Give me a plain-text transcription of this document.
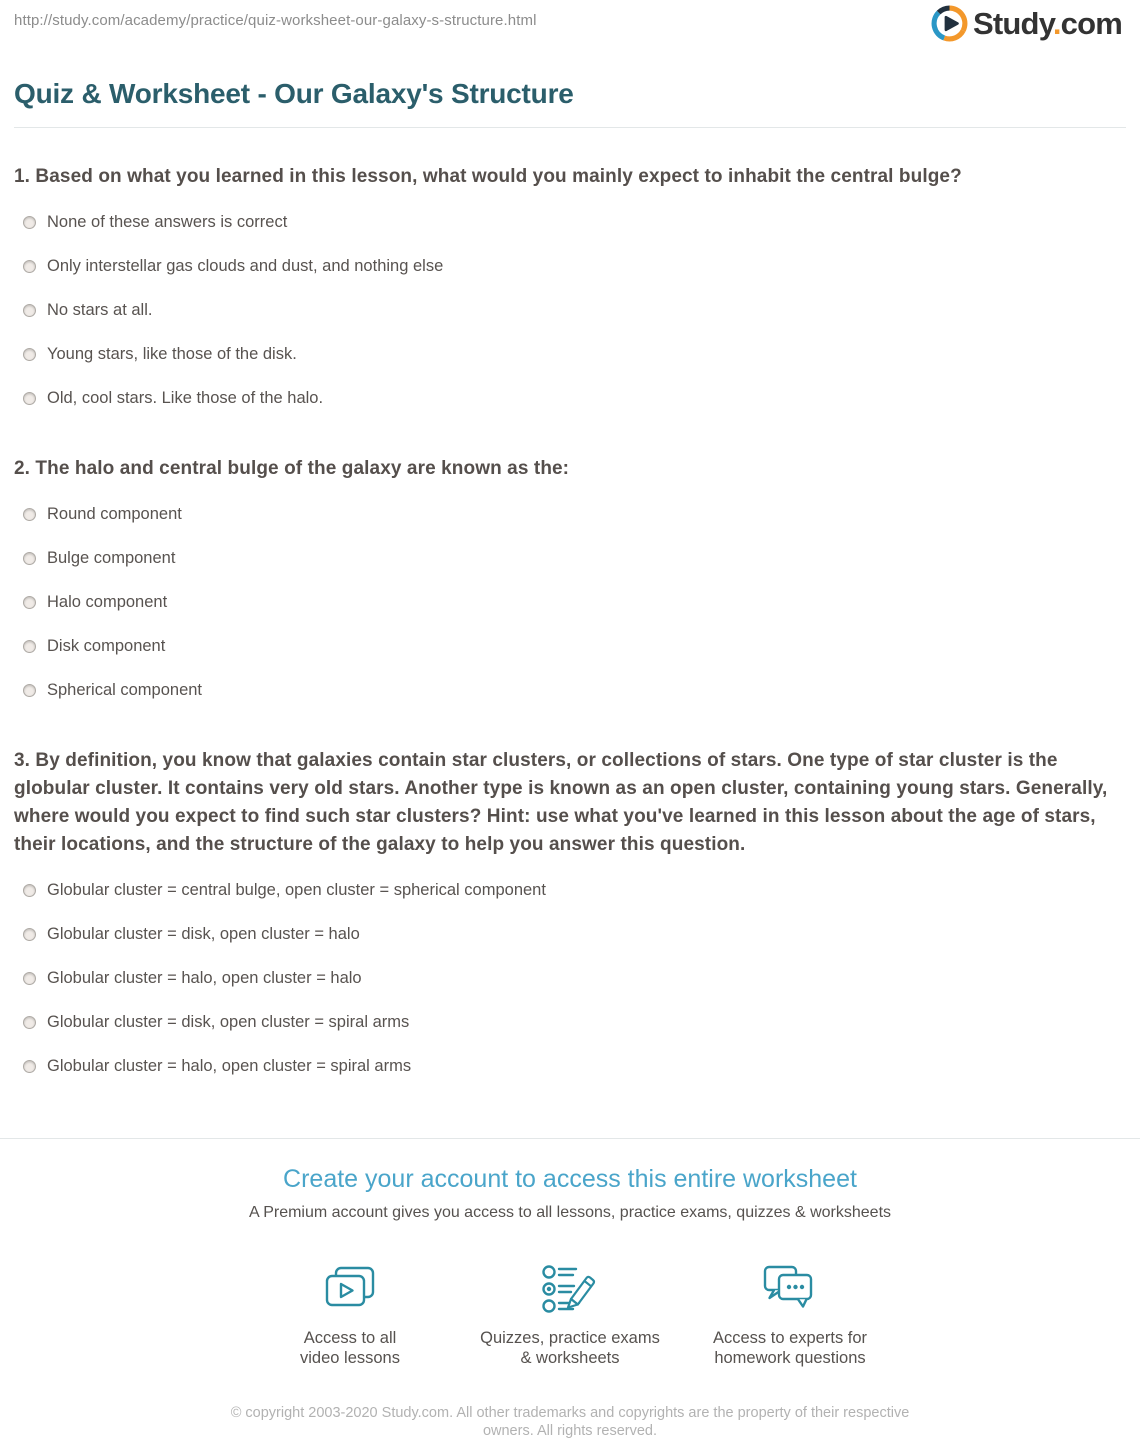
http://study.com/academy/practice/quiz-worksheet-our-galaxy-s-structure.html	Study.com
Quiz & Worksheet - Our Galaxy's Structure
1. Based on what you learned in this lesson, what would you mainly expect to inhabit the central bulge?
None of these answers is correct
Only interstellar gas clouds and dust, and nothing else
No stars at all.
Young stars, like those of the disk.
Old, cool stars. Like those of the halo.
2. The halo and central bulge of the galaxy are known as the:
Round component
Bulge component
Halo component
Disk component
Spherical component
3. By definition, you know that galaxies contain star clusters, or collections of stars. One type of star cluster is the globular cluster. It contains very old stars. Another type is known as an open cluster, containing young stars. Generally, where would you expect to find such star clusters? Hint: use what you've learned in this lesson about the age of stars, their locations, and the structure of the galaxy to help you answer this question.
Globular cluster = central bulge, open cluster = spherical component
Globular cluster = disk, open cluster = halo
Globular cluster = halo, open cluster = halo
Globular cluster = disk, open cluster = spiral arms
Globular cluster = halo, open cluster = spiral arms
Create your account to access this entire worksheet

A Premium account gives you access to all lessons, practice exams, quizzes & worksheets

Access to all
video lessons
Quizzes, practice exams
& worksheets
Access to experts for
homework questions
© copyright 2003-2020 Study.com. All other trademarks and copyrights are the property of their respective owners. All rights reserved.
